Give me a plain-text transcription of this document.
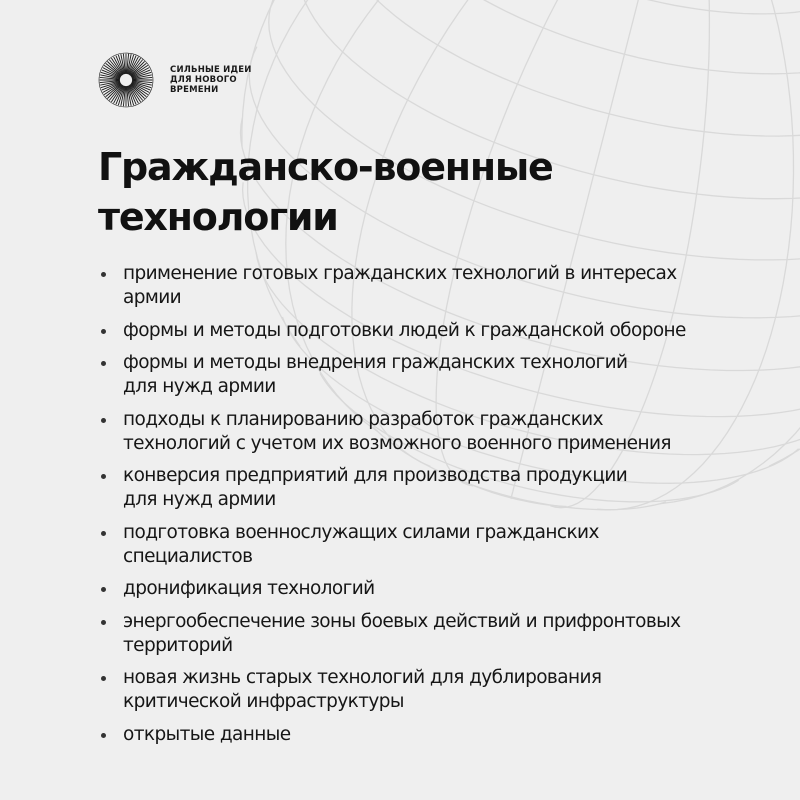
СИЛЬНЫЕ ИДЕИ
ДЛЯ НОВОГО
ВРЕМЕНИ
Гражданско-военные
технологии
применение готовых гражданских технологий в интересах
армии
формы и методы подготовки людей к гражданской обороне
формы и методы внедрения гражданских технологий
для нужд армии
подходы к планированию разработок гражданских
технологий с учетом их возможного военного применения
конверсия предприятий для производства продукции
для нужд армии
подготовка военнослужащих силами гражданских
специалистов
дронификация технологий
энергообеспечение зоны боевых действий и прифронтовых
территорий
новая жизнь старых технологий для дублирования
критической инфраструктуры
открытые данные
